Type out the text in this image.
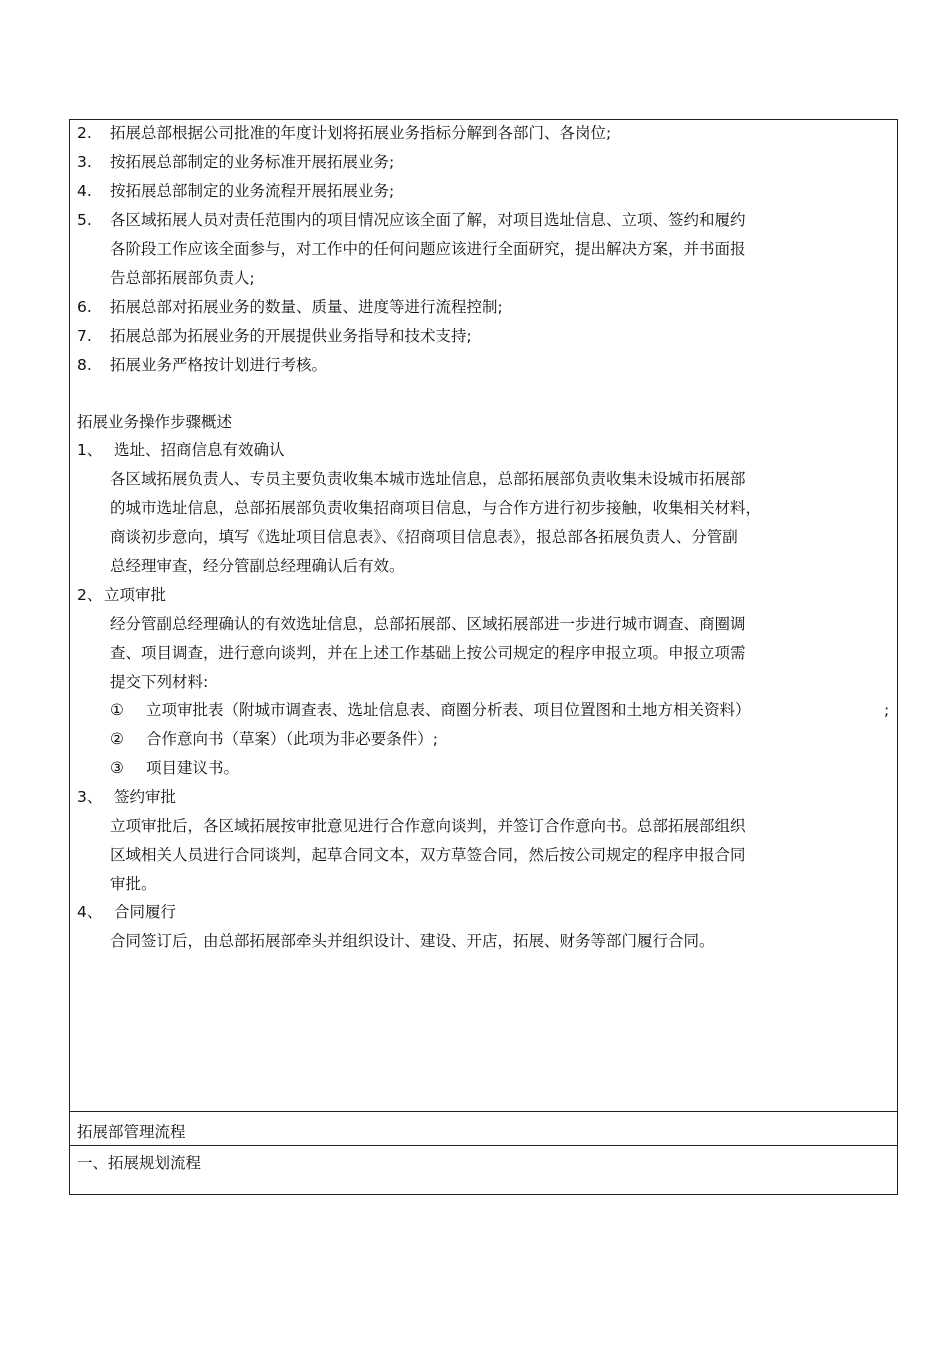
2. 拓展总部根据公司批准的年度计划将拓展业务指标分解到各部门、各岗位;
3. 按拓展总部制定的业务标准开展拓展业务;
4. 按拓展总部制定的业务流程开展拓展业务;
5. 各区域拓展人员对责任范围内的项目情况应该全面了解，对项目选址信息、立项、签约和履约
各阶段工作应该全面参与，对工作中的任何问题应该进行全面研究，提出解决方案，并书面报
告总部拓展部负责人;
6. 拓展总部对拓展业务的数量、质量、进度等进行流程控制;
7. 拓展总部为拓展业务的开展提供业务指导和技术支持;
8. 拓展业务严格按计划进行考核。
拓展业务操作步骤概述
1、 选址、招商信息有效确认
各区域拓展负责人、专员主要负责收集本城市选址信息，总部拓展部负责收集未设城市拓展部
的城市选址信息，总部拓展部负责收集招商项目信息，与合作方进行初步接触，收集相关材料，
商谈初步意向，填写《选址项目信息表》、《招商项目信息表》，报总部各拓展负责人、分管副
总经理审查，经分管副总经理确认后有效。
2、 立项审批
经分管副总经理确认的有效选址信息，总部拓展部、区域拓展部进一步进行城市调查、商圈调
查、项目调查，进行意向谈判，并在上述工作基础上按公司规定的程序申报立项。申报立项需
提交下列材料:
① 立项审批表（附城市调查表、选址信息表、商圈分析表、项目位置图和土地方相关资料）	;
② 合作意向书（草案）（此项为非必要条件）;
③ 项目建议书。
3、 签约审批
立项审批后，各区域拓展按审批意见进行合作意向谈判，并签订合作意向书。总部拓展部组织
区域相关人员进行合同谈判，起草合同文本，双方草签合同，然后按公司规定的程序申报合同
审批。
4、 合同履行
合同签订后，由总部拓展部牵头并组织设计、建设、开店，拓展、财务等部门履行合同。
拓展部管理流程
一、拓展规划流程
